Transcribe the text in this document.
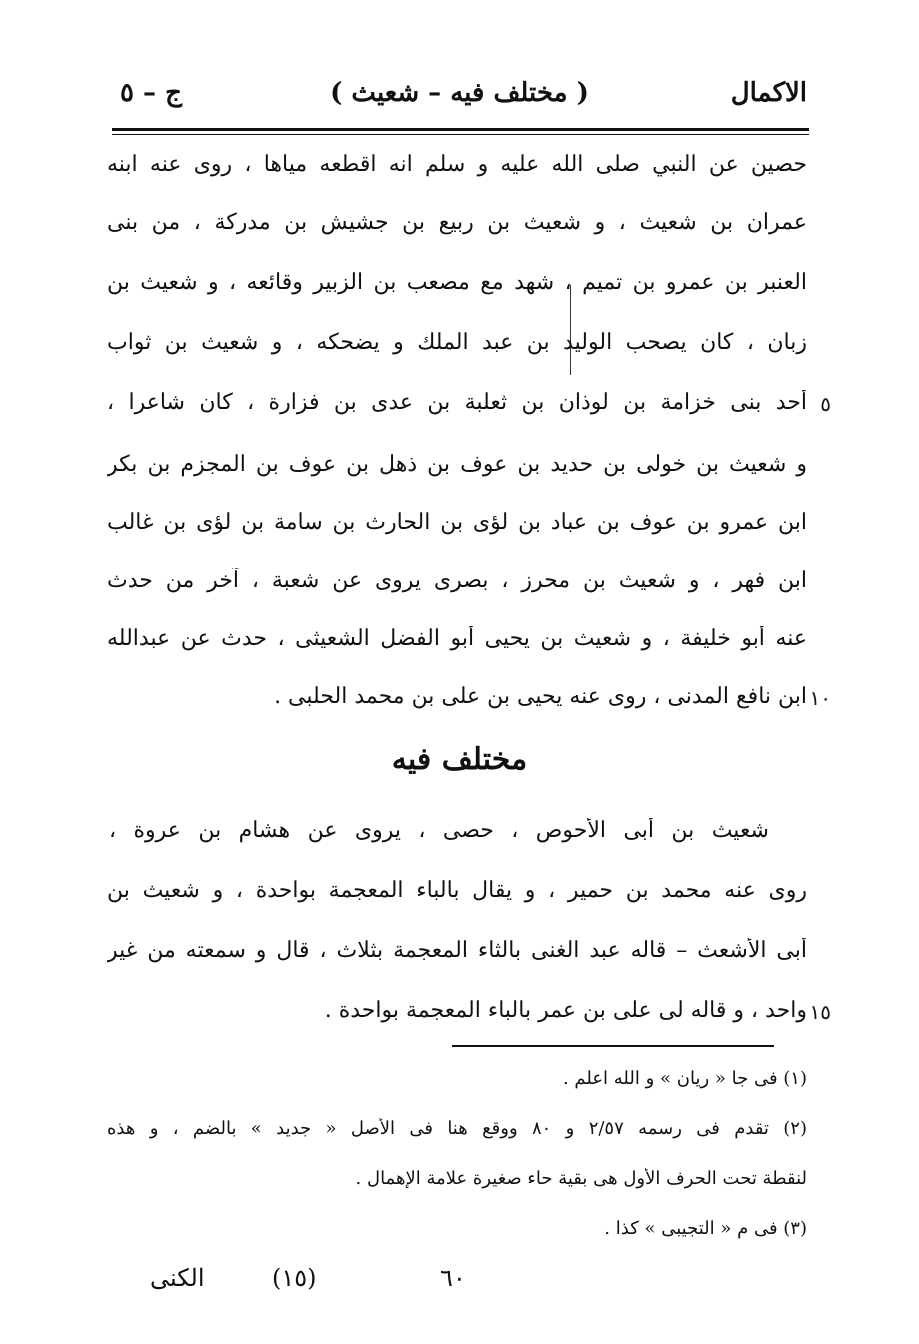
الاكمال
( مختلف فيه – شعيث )
ج – ٥
حصين عن النبي صلى الله عليه و سلم انه اقطعه مياها ، روى عنه ابنه
عمران بن شعيث ، و شعيث بن ربيع بن جشيش بن مدركة ، من بنى
العنبر بن عمرو بن تميم ، شهد مع مصعب بن الزبير وقائعه ، و شعيث بن
زبان ، كان يصحب الوليد بن عبد الملك و يضحكه ، و شعيث بن ثواب
أحد بنى خزامة بن لوذان بن ثعلبة بن عدى بن فزارة ، كان شاعرا ، ٥
و شعيث بن خولى بن حديد بن عوف بن ذهل بن عوف بن المجزم بن بكر
ابن عمرو بن عوف بن عباد بن لؤى بن الحارث بن سامة بن لؤى بن غالب
ابن فهر ، و شعيث بن محرز ، بصرى يروى عن شعبة ، آخر من حدث
عنه أبو خليفة ، و شعيث بن يحيى أبو الفضل الشعيثى ، حدث عن عبدالله
ابن نافع المدنى ، روى عنه يحيى بن على بن محمد الحلبى . ١٠
مختلف فيه
شعيث بن أبى الأحوص ، حصى ، يروى عن هشام بن عروة ،
روى عنه محمد بن حمير ، و يقال بالباء المعجمة بواحدة ، و شعيث بن
أبى الأشعث – قاله عبد الغنى بالثاء المعجمة بثلاث ، قال و سمعته من غير
واحد ، و قاله لى على بن عمر بالباء المعجمة بواحدة . ١٥
(١) فى جا « ريان » و الله اعلم .
(٢) تقدم فى رسمه ٢/٥٧ و ٨٠ ووقع هنا فى الأصل « جديد » بالضم ، و هذه
لنقطة تحت الحرف الأول هى بقية حاء صغيرة علامة الإهمال .
(٣) فى م « التجيبى » كذا .
٦٠
(١٥)
الكنى
